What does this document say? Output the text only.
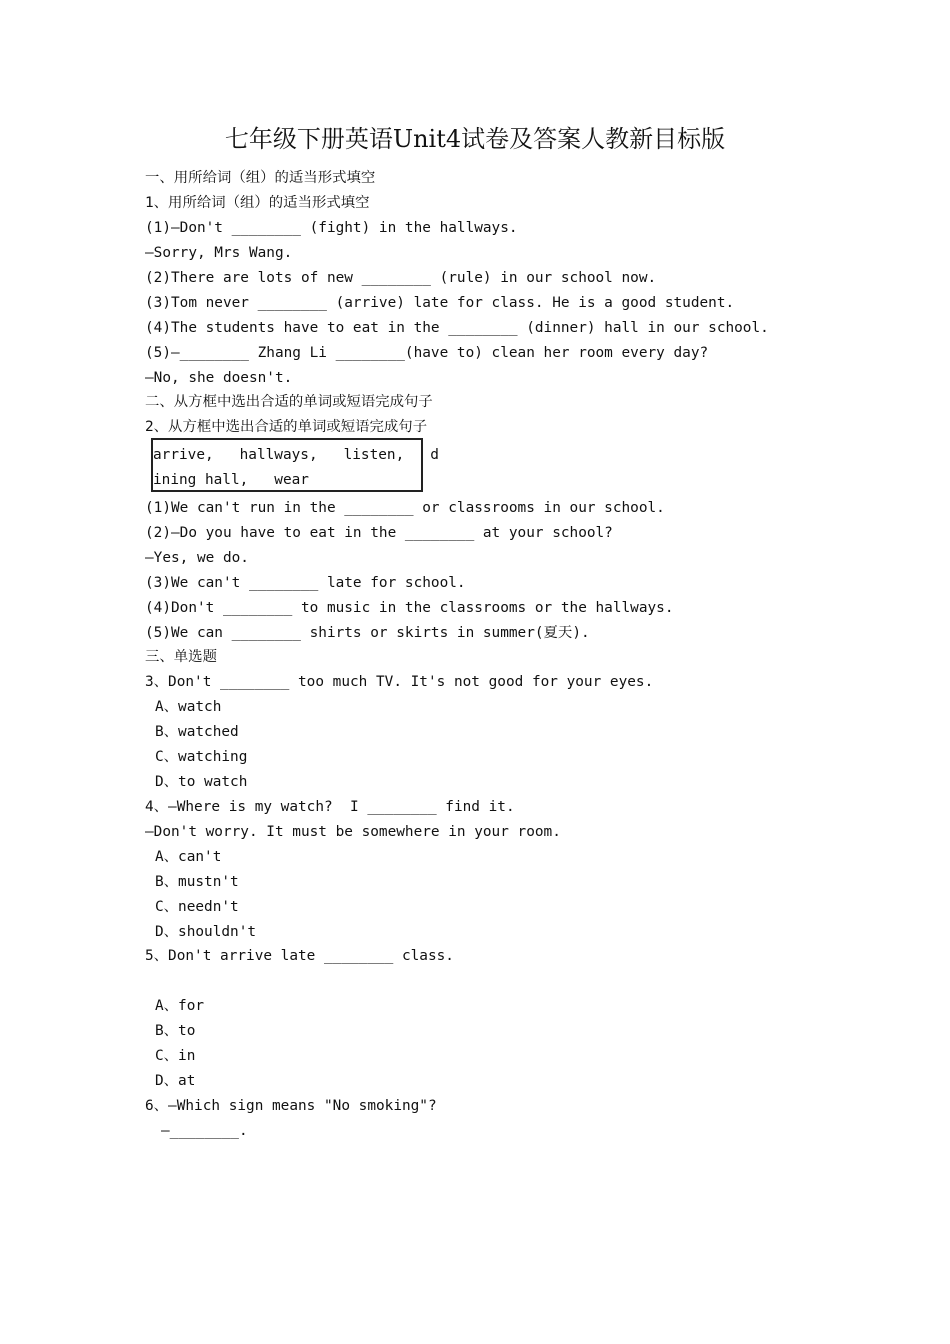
七年级下册英语Unit4试卷及答案人教新目标版
一、用所给词（组）的适当形式填空
1、用所给词（组）的适当形式填空
(1)—Don't ________ (fight) in the hallways.
—Sorry, Mrs Wang.
(2)There are lots of new ________ (rule) in our school now.
(3)Tom never ________ (arrive) late for class. He is a good student.
(4)The students have to eat in the ________ (dinner) hall in our school.
(5)—________ Zhang Li ________(have to) clean her room every day?
—No, she doesn't.
二、从方框中选出合适的单词或短语完成句子
2、从方框中选出合适的单词或短语完成句子
arrive,   hallways,   listen,   d
ining hall,   wear
(1)We can't run in the ________ or classrooms in our school.
(2)—Do you have to eat in the ________ at your school?
—Yes, we do.
(3)We can't ________ late for school.
(4)Don't ________ to music in the classrooms or the hallways.
(5)We can ________ shirts or skirts in summer(夏天).
三、单选题
3、Don't ________ too much TV. It's not good for your eyes.
A、watch
B、watched
C、watching
D、to watch
4、—Where is my watch?  I ________ find it.
—Don't worry. It must be somewhere in your room.
A、can't
B、mustn't
C、needn't
D、shouldn't
5、Don't arrive late ________ class.
A、for
B、to
C、in
D、at
6、—Which sign means "No smoking"?
—________.
